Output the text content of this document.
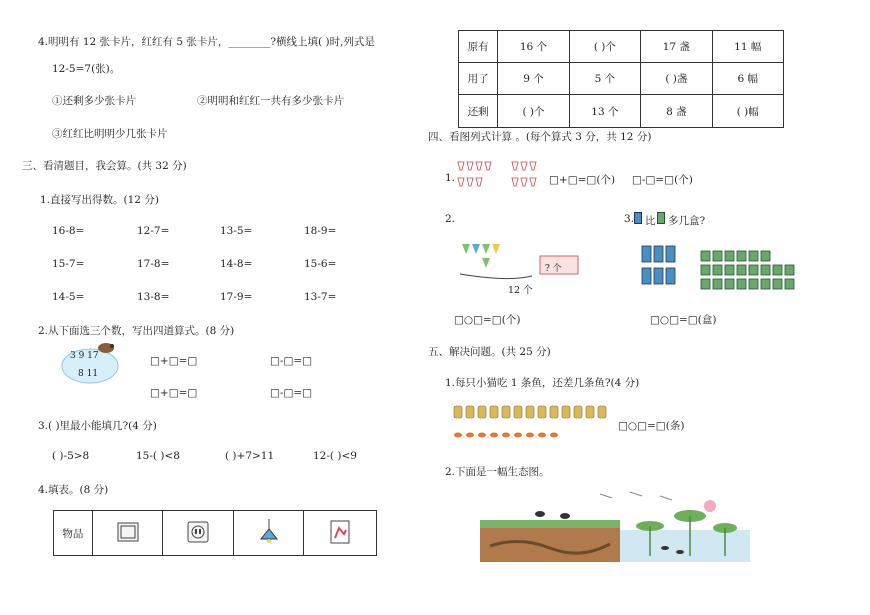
4.明明有 12 张卡片，红红有 5 张卡片，________?横线上填( )时,列式是
12-5=7(张)。
①还剩多少张卡片	②明明和红红一共有多少张卡片
③红红比明明少几张卡片
三、看清题目，我会算。(共 32 分)
1.直接写出得数。(12 分)
16-8=	12-7=	13-5=	18-9=
15-7=	17-8=	14-8=	15-6=
14-5=	13-8=	17-9=	13-7=
2.从下面选三个数，写出四道算式。(8 分)
3 9 17
8 11
□+□=□	□-□=□
□+□=□	□-□=□
3.( )里最小能填几?(4 分)
( )-5>8	15-( )<8	( )+7>11	12-( )<9
4.填表。(8 分)
物品				
原有	16 个	( )个	17 盏	11 幅
用了	9 个	5 个	( )盏	6 幅
还剩	( )个	13 个	8 盏	( )幅
四、看图列式计算 。(每个算式 3 分，共 12 分)
1.	□+□=□(个) □-□=□(个)
2.
? 个
12 个
□○□=□(个)
3. 比 多几盒?
□○□=□(盒)
五、解决问题。(共 25 分)
1.每只小猫吃 1 条鱼，还差几条鱼?(4 分)
□○□=□(条)
2.下面是一幅生态图。
